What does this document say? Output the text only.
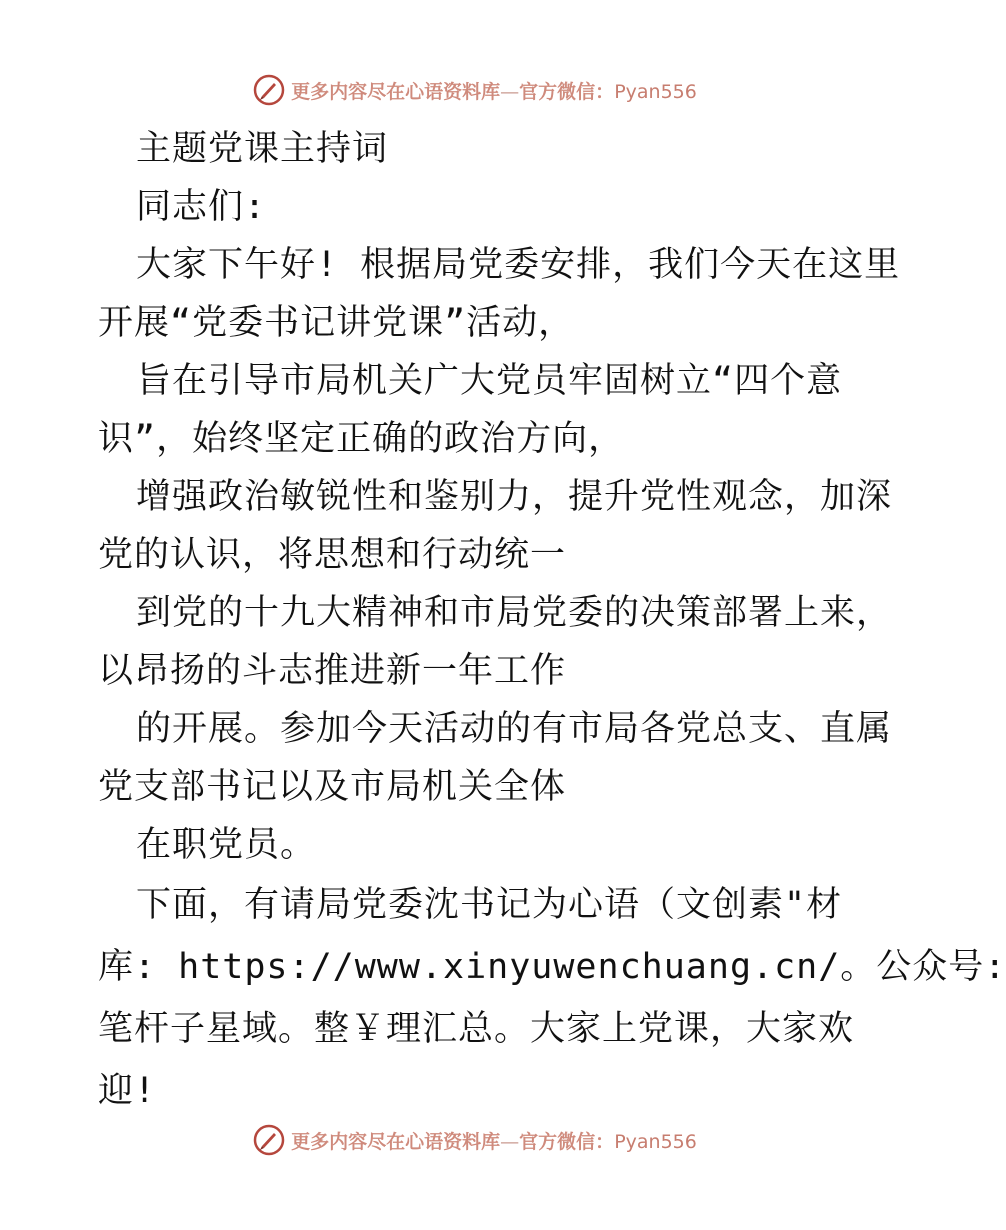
更多内容尽在心语资料库—官方微信：Pyan556
主题党课主持词
同志们:
大家下午好! 根据局党委安排，我们今天在这里
开展“党委书记讲党课”活动，
旨在引导市局机关广大党员牢固树立“四个意
识”，始终坚定正确的政治方向，
增强政治敏锐性和鉴别力，提升党性观念，加深
党的认识，将思想和行动统一
到党的十九大精神和市局党委的决策部署上来，
以昂扬的斗志推进新一年工作
的开展。参加今天活动的有市局各党总支、直属
党支部书记以及市局机关全体
在职党员。
下面，有请局党委沈书记为心语（文创素"材
库: https://www.xinyuwenchuang.cn/。公众号:
笔杆子星域。整￥理汇总。大家上党课，大家欢
迎!
更多内容尽在心语资料库—官方微信：Pyan556
